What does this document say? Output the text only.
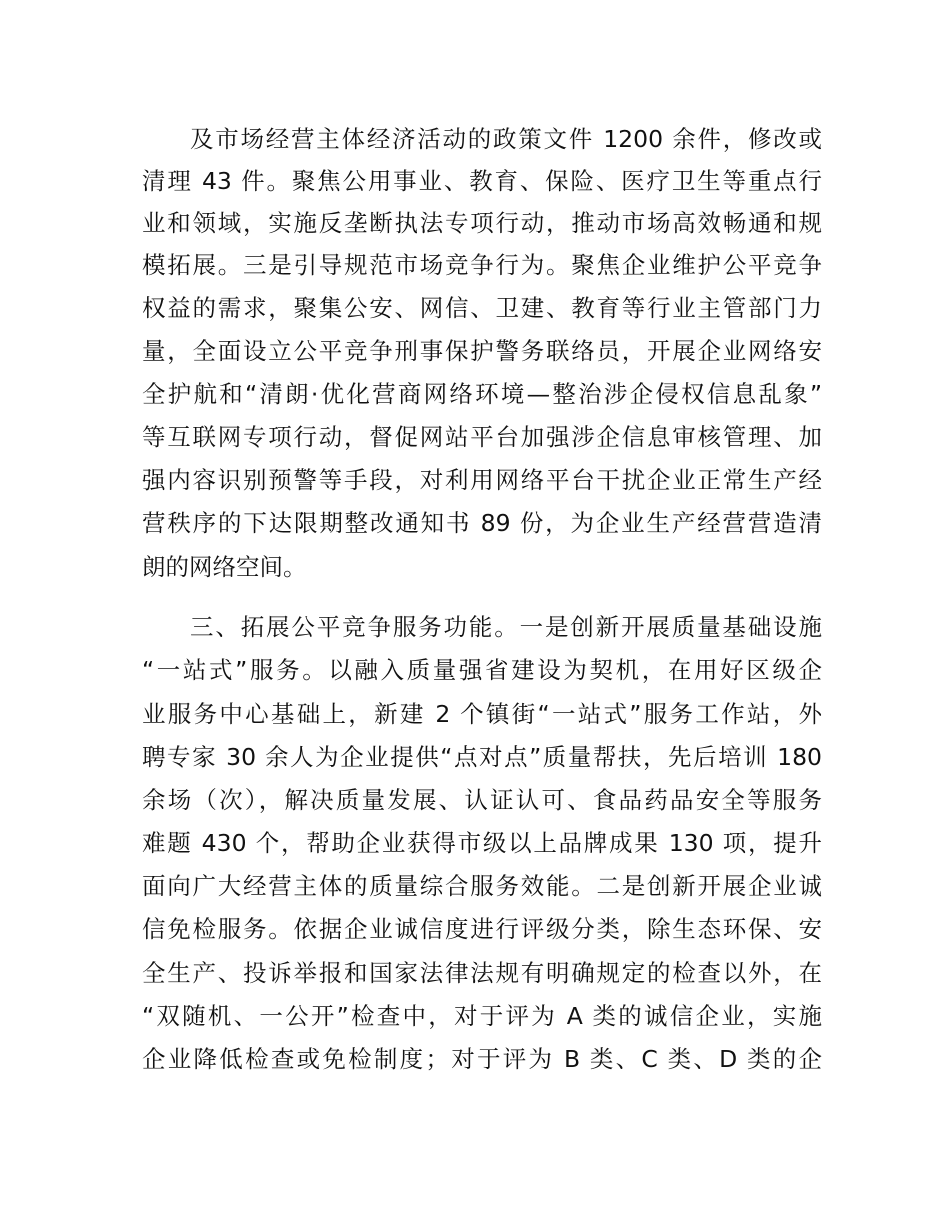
及市场经营主体经济活动的政策文件 1200 余件，修改或
清理 43 件。聚焦公用事业、教育、保险、医疗卫生等重点行
业和领域，实施反垄断执法专项行动，推动市场高效畅通和规
模拓展。三是引导规范市场竞争行为。聚焦企业维护公平竞争
权益的需求，聚集公安、网信、卫建、教育等行业主管部门力
量，全面设立公平竞争刑事保护警务联络员，开展企业网络安
全护航和“清朗·优化营商网络环境—整治涉企侵权信息乱象”
等互联网专项行动，督促网站平台加强涉企信息审核管理、加
强内容识别预警等手段，对利用网络平台干扰企业正常生产经
营秩序的下达限期整改通知书 89 份，为企业生产经营营造清
朗的网络空间。
三、拓展公平竞争服务功能。一是创新开展质量基础设施
“一站式”服务。以融入质量强省建设为契机，在用好区级企
业服务中心基础上，新建 2 个镇街“一站式”服务工作站，外
聘专家 30 余人为企业提供“点对点”质量帮扶，先后培训 180
余场（次），解决质量发展、认证认可、食品药品安全等服务
难题 430 个，帮助企业获得市级以上品牌成果 130 项，提升
面向广大经营主体的质量综合服务效能。二是创新开展企业诚
信免检服务。依据企业诚信度进行评级分类，除生态环保、安
全生产、投诉举报和国家法律法规有明确规定的检查以外，在
“双随机、一公开”检查中，对于评为 A 类的诚信企业，实施
企业降低检查或免检制度；对于评为 B 类、C 类、D 类的企
